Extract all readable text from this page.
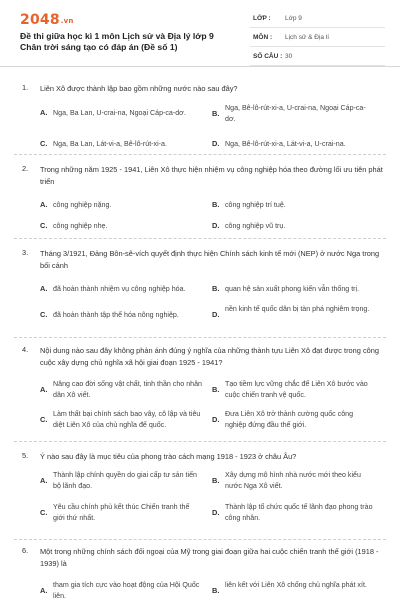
2048.vn
Đề thi giữa học kì 1 môn Lịch sử và Địa lý lớp 9 Chân trời sáng tạo có đáp án (Đề số 1)
LỚP : Lớp 9
MÔN : Lịch sử & Địa lí
SỐ CÂU : 30
1. Liên Xô được thành lập bao gồm những nước nào sau đây?
A. Nga, Ba Lan, U-crai-na, Ngoại Cáp-ca-dơ.	B.
Nga, Bê-lô-rút-xi-a, U-crai-na, Ngoại Cáp-ca-dơ.
C. Nga, Ba Lan, Lát-vi-a, Bê-lô-rút-xi-a.	D. Nga, Bê-lô-rút-xi-a, Lát-vi-a, U-crai-na.
2. Trong những năm 1925 - 1941, Liên Xô thực hiện nhiệm vụ công nghiệp hóa theo đường lối ưu tiên phát triển
A. công nghiệp nặng.	B. công nghiệp trí tuệ.
C. công nghiệp nhẹ.	D. công nghiệp vũ trụ.
3. Tháng 3/1921, Đảng Bôn-sê-vích quyết định thực hiện Chính sách kinh tế mới (NEP) ở nước Nga trong bối cảnh
A. đã hoàn thành nhiệm vụ công nghiệp hóa.	B. quan hệ sản xuất phong kiến vẫn thống trị.
C. đã hoàn thành tập thể hóa nông nghiệp.	D.
nền kinh tế quốc dân bị tàn phá nghiêm trọng.
4. Nội dung nào sau đây không phản ánh đúng ý nghĩa của những thành tựu Liên Xô đạt được trong công cuộc xây dựng chủ nghĩa xã hội giai đoạn 1925 - 1941?
A.
Nâng cao đời sống vật chất, tinh thần cho nhân dân Xô viết.
B.
Tạo tiềm lực vững chắc để Liên Xô bước vào cuộc chiến tranh vệ quốc.
C.
Làm thất bại chính sách bao vây, cô lập và tiêu diệt Liên Xô của chủ nghĩa đế quốc.
D.
Đưa Liên Xô trở thành cường quốc công nghiệp đứng đầu thế giới.
5. Ý nào sau đây là mục tiêu của phong trào cách mạng 1918 - 1923 ở châu Âu?
A.
Thành lập chính quyền do giai cấp tư sản tiến bộ lãnh đạo.
B.
Xây dựng mô hình nhà nước mới theo kiểu nước Nga Xô viết.
C.
Yêu cầu chính phủ kết thúc Chiến tranh thế giới thứ nhất.
D.
Thành lập tổ chức quốc tế lãnh đạo phong trào công nhân.
6. Một trong những chính sách đối ngoại của Mỹ trong giai đoạn giữa hai cuộc chiến tranh thế giới (1918 - 1939) là
A.
tham gia tích cực vào hoạt động của Hội Quốc liên.
B.
liên kết với Liên Xô chống chủ nghĩa phát xít.
